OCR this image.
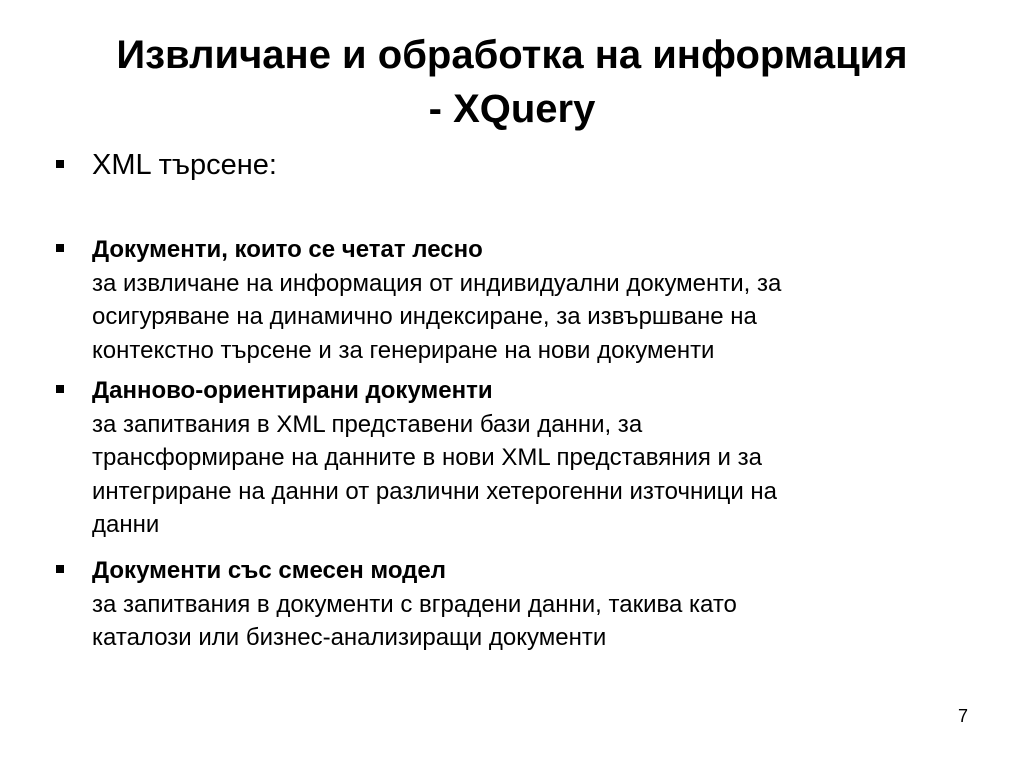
Извличане и обработка на информация
- XQuery
XML търсене:
Документи, които се четат лесно
за извличане на информация от индивидуални документи, за
осигуряване на динамично индексиране, за извършване на
контекстно търсене и за генериране на нови документи
Данново-ориентирани документи
за запитвания в XML представени бази данни, за
трансформиране на данните в нови XML представяния и за
интегриране на данни от различни хетерогенни източници на
данни
Документи със смесен модел
за запитвания в документи с вградени данни, такива като
каталози или бизнес-анализиращи документи
7
